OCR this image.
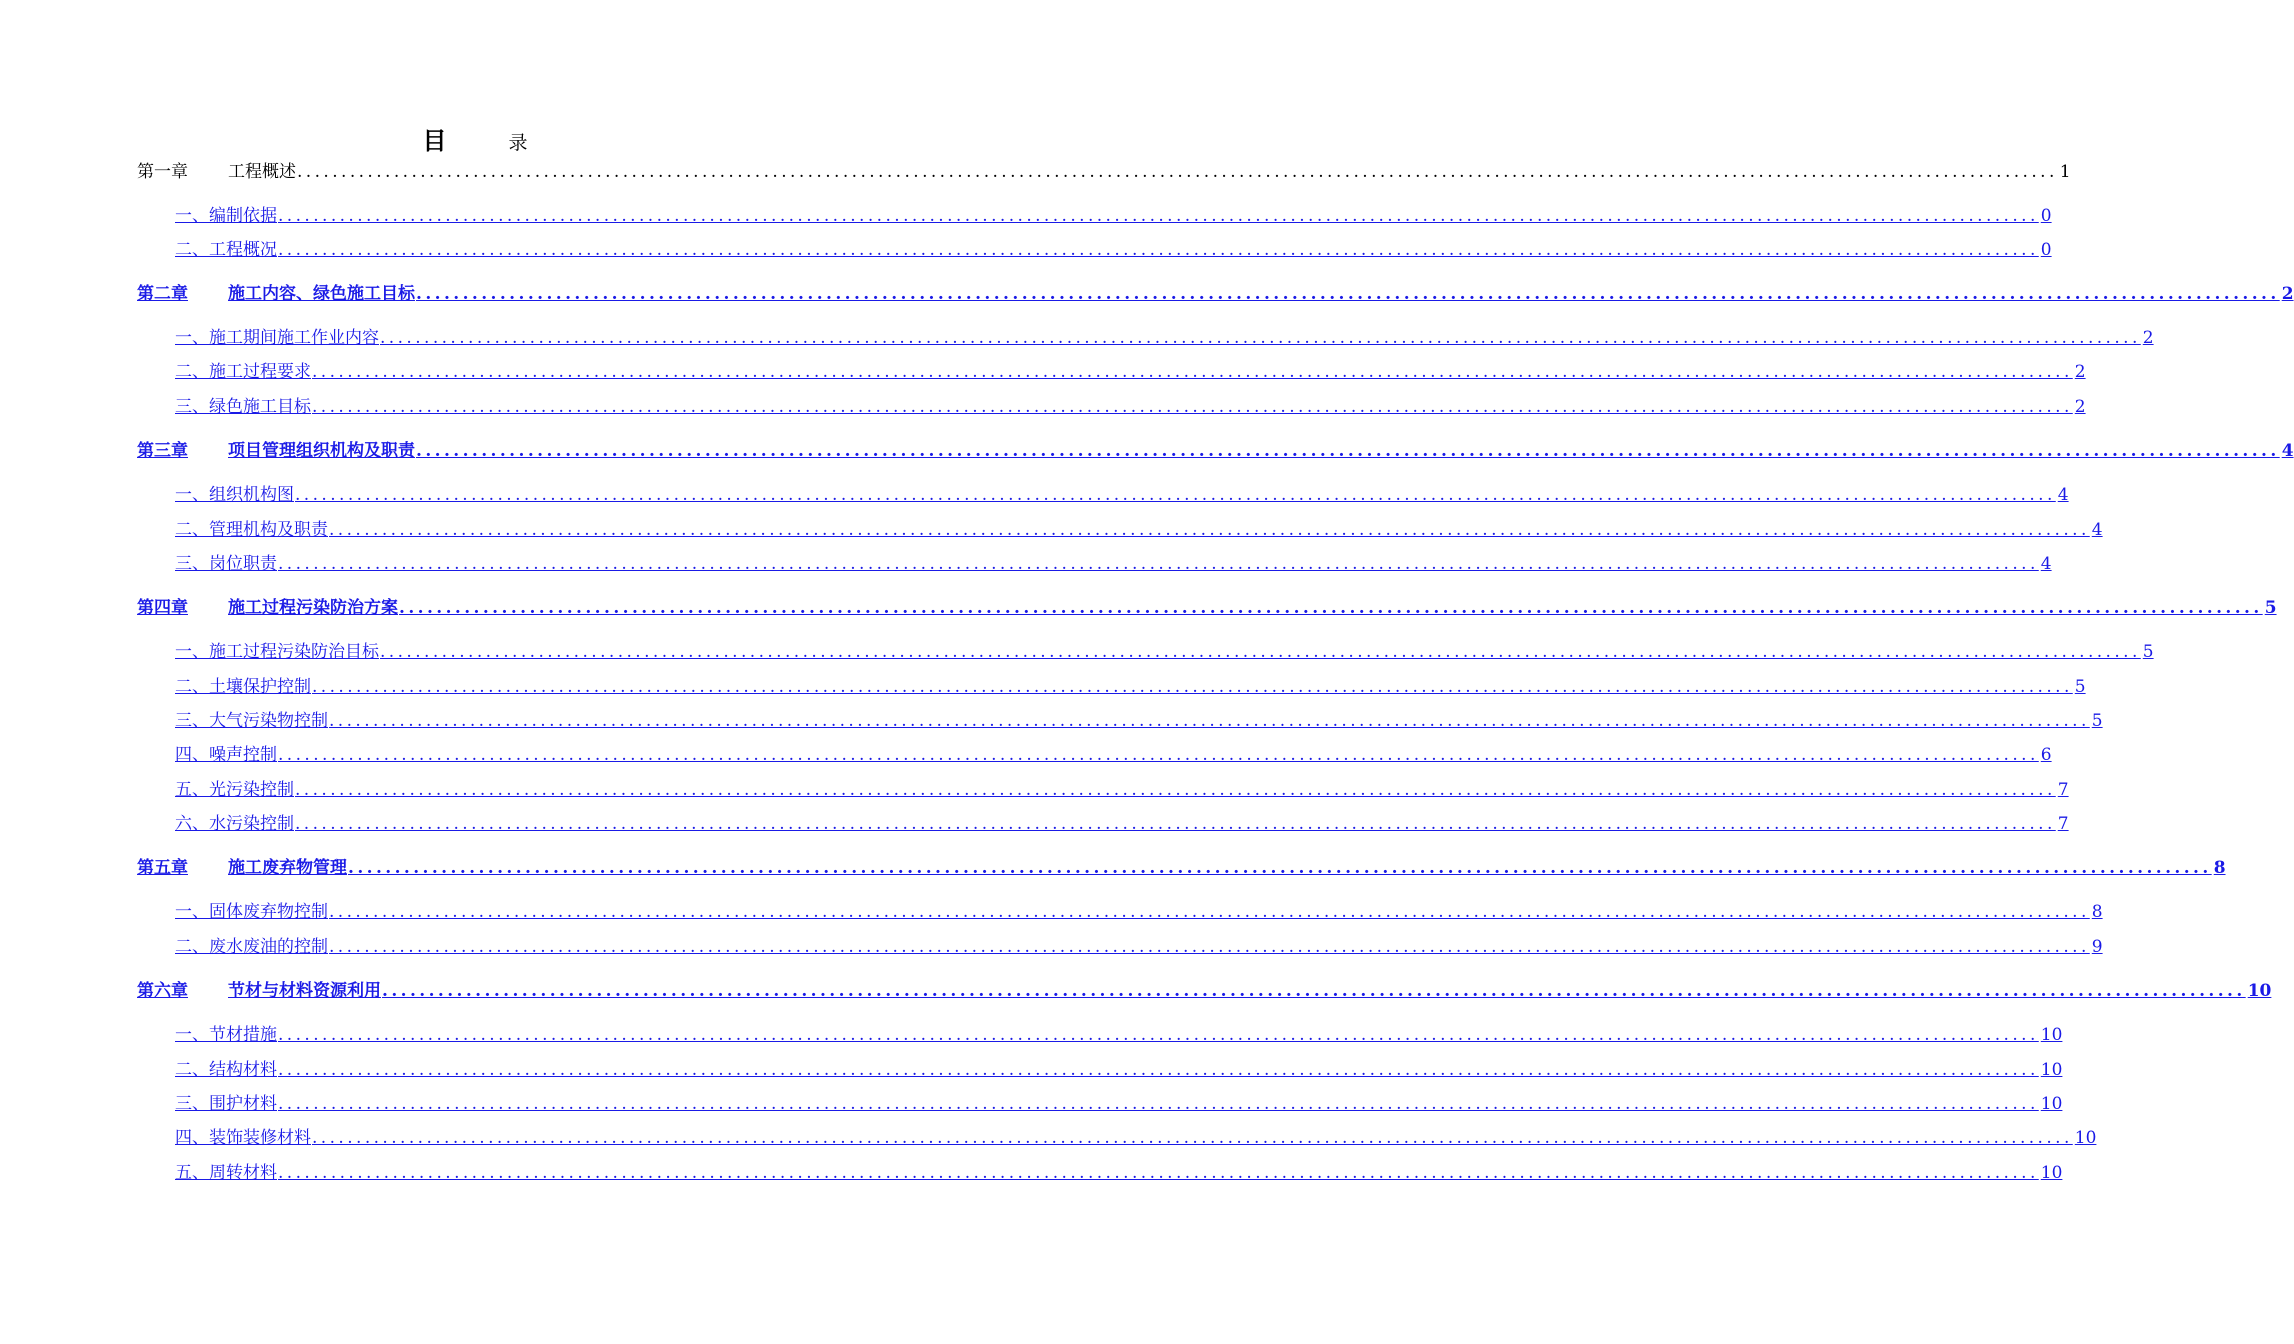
目	录
第一章 工程概述 ........................................................................................................................................................................................................ 1
一、编制依据 ........................................................................................................................................................................................................ 0
二、工程概况 ........................................................................................................................................................................................................ 0
第二章 施工内容、绿色施工目标 ........................................................................................................................................................................................................ 2
一、施工期间施工作业内容 ........................................................................................................................................................................................................ 2
二、施工过程要求 ........................................................................................................................................................................................................ 2
三、绿色施工目标 ........................................................................................................................................................................................................ 2
第三章 项目管理组织机构及职责 ........................................................................................................................................................................................................ 4
一、组织机构图 ........................................................................................................................................................................................................ 4
二、管理机构及职责 ........................................................................................................................................................................................................ 4
三、岗位职责 ........................................................................................................................................................................................................ 4
第四章 施工过程污染防治方案 ........................................................................................................................................................................................................ 5
一、施工过程污染防治目标 ........................................................................................................................................................................................................ 5
二、土壤保护控制 ........................................................................................................................................................................................................ 5
三、大气污染物控制 ........................................................................................................................................................................................................ 5
四、噪声控制 ........................................................................................................................................................................................................ 6
五、光污染控制 ........................................................................................................................................................................................................ 7
六、水污染控制 ........................................................................................................................................................................................................ 7
第五章 施工废弃物管理 ........................................................................................................................................................................................................ 8
一、固体废弃物控制 ........................................................................................................................................................................................................ 8
二、废水废油的控制 ........................................................................................................................................................................................................ 9
第六章 节材与材料资源利用 ........................................................................................................................................................................................................ 10
一、节材措施 ........................................................................................................................................................................................................ 10
二、结构材料 ........................................................................................................................................................................................................ 10
三、围护材料 ........................................................................................................................................................................................................ 10
四、装饰装修材料 ........................................................................................................................................................................................................ 10
五、周转材料 ........................................................................................................................................................................................................ 10
